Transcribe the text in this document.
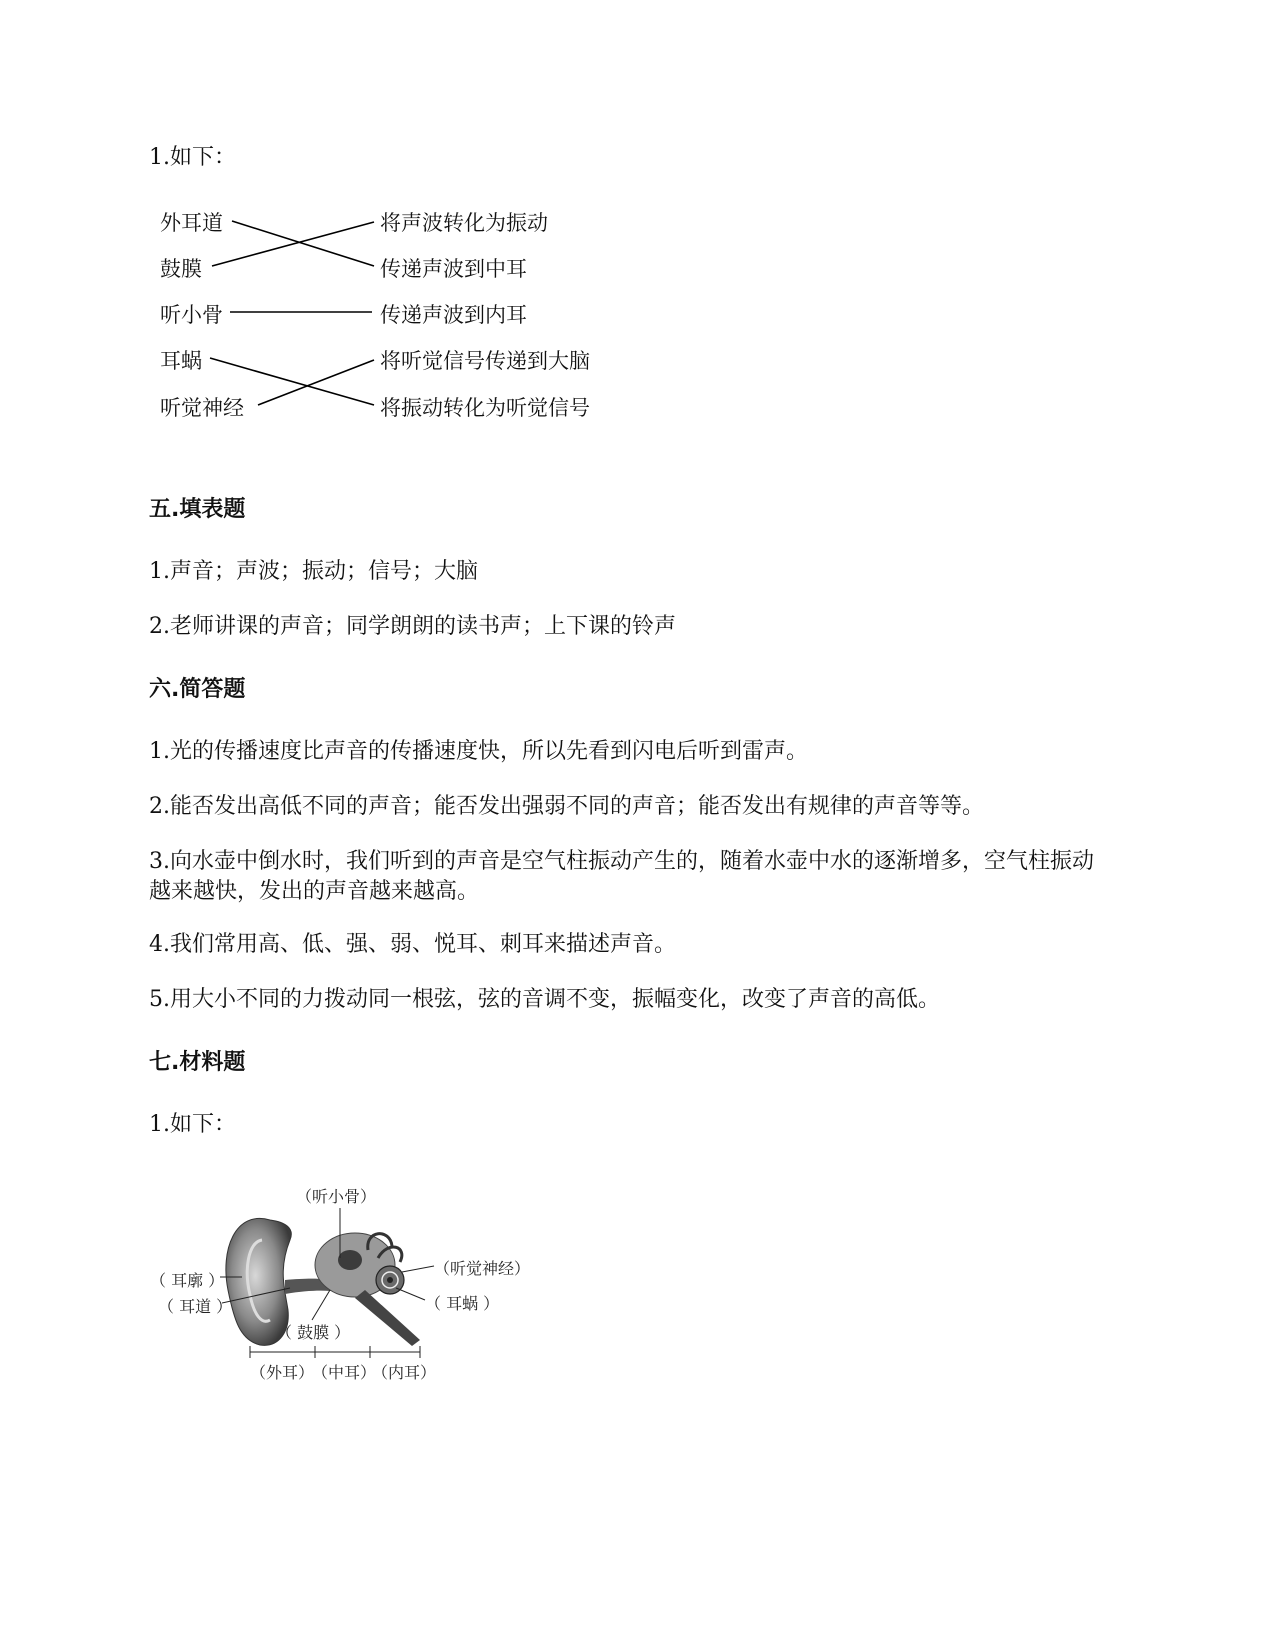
1.如下：

外耳道
鼓膜
听小骨
耳蜗
听觉神经
将声波转化为振动
传递声波到中耳
传递声波到内耳
将听觉信号传递到大脑
将振动转化为听觉信号
五.填表题

1.声音；声波；振动；信号；大脑

2.老师讲课的声音；同学朗朗的读书声；上下课的铃声

六.简答题

1.光的传播速度比声音的传播速度快，所以先看到闪电后听到雷声。

2.能否发出高低不同的声音；能否发出强弱不同的声音；能否发出有规律的声音等等。

3.向水壶中倒水时，我们听到的声音是空气柱振动产生的，随着水壶中水的逐渐增多，空气柱振动越来越快，发出的声音越来越高。

4.我们常用高、低、强、弱、悦耳、刺耳来描述声音。

5.用大小不同的力拨动同一根弦，弦的音调不变，振幅变化，改变了声音的高低。

七.材料题

1.如下：

（听小骨）
（ 耳廓 ）
（ 耳道 ）
（听觉神经）
（ 耳蜗 ）
（ 鼓膜 ）
（外耳）
（中耳）
（内耳）
